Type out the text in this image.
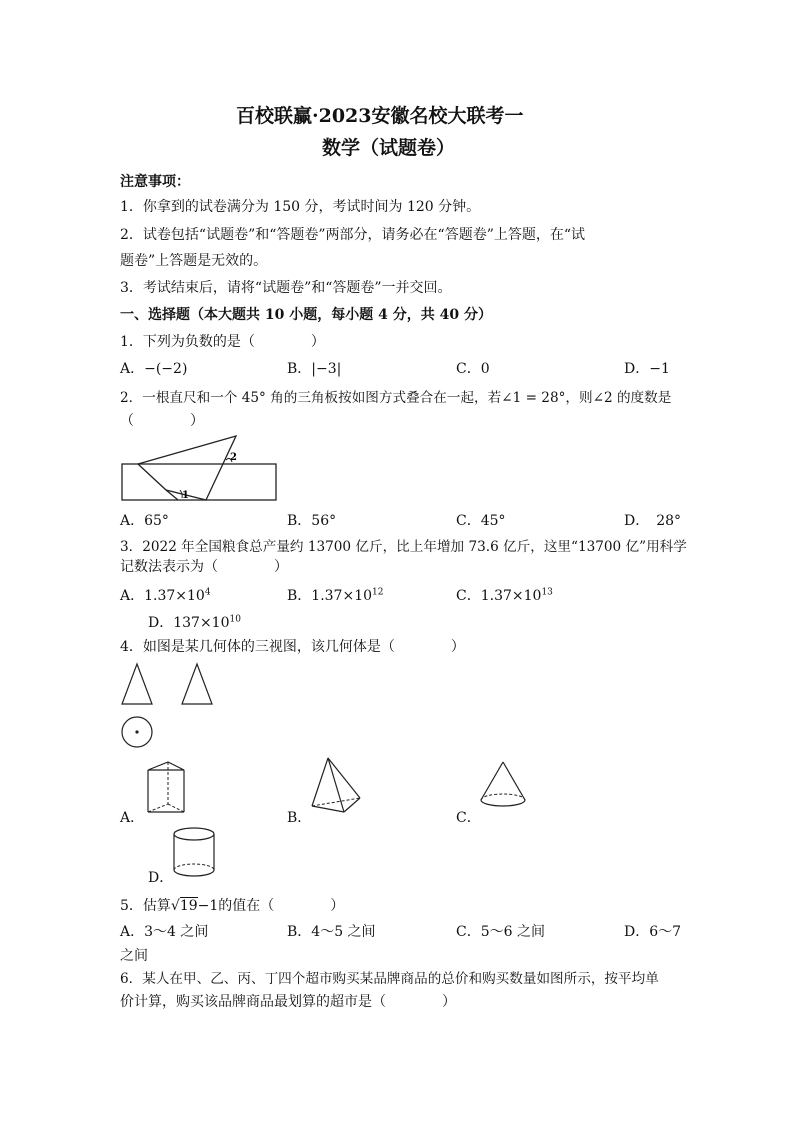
百校联赢·2023安徽名校大联考一
数学（试题卷）
注意事项：
1．你拿到的试卷满分为 150 分，考试时间为 120 分钟。
2．试卷包括“试题卷”和“答题卷”两部分，请务必在“答题卷”上答题，在“试
题卷”上答题是无效的。
3．考试结束后，请将“试题卷”和“答题卷”一并交回。
一、选择题（本大题共 10 小题，每小题 4 分，共 40 分）
1．下列为负数的是（　　　　）
A．−(−2)	B．|−3|	C．0	D．−1
2．一根直尺和一个 45° 角的三角板按如图方式叠合在一起，若∠1 = 28°，则∠2 的度数是
（　　　　）
2
1
A．65°	B．56°	C．45°	D．　28°
3．2022 年全国粮食总产量约 13700 亿斤，比上年增加 73.6 亿斤，这里“13700 亿”用科学
记数法表示为（　　　　）
A．$1.37\times 10^4$	B．$1.37\times 10^{12}$	C．$1.37\times 10^{13}$
D．$137\times 10^{10}$
4．如图是某几何体的三视图，该几何体是（　　　　）
A．	B．	C．
D．
5．估算√19−1的值在（　　　　）
A．3～4 之间	B．4～5 之间	C．5～6 之间	D．6～7
之间
6．某人在甲、乙、丙、丁四个超市购买某品牌商品的总价和购买数量如图所示，按平均单
价计算，购买该品牌商品最划算的超市是（　　　　）
